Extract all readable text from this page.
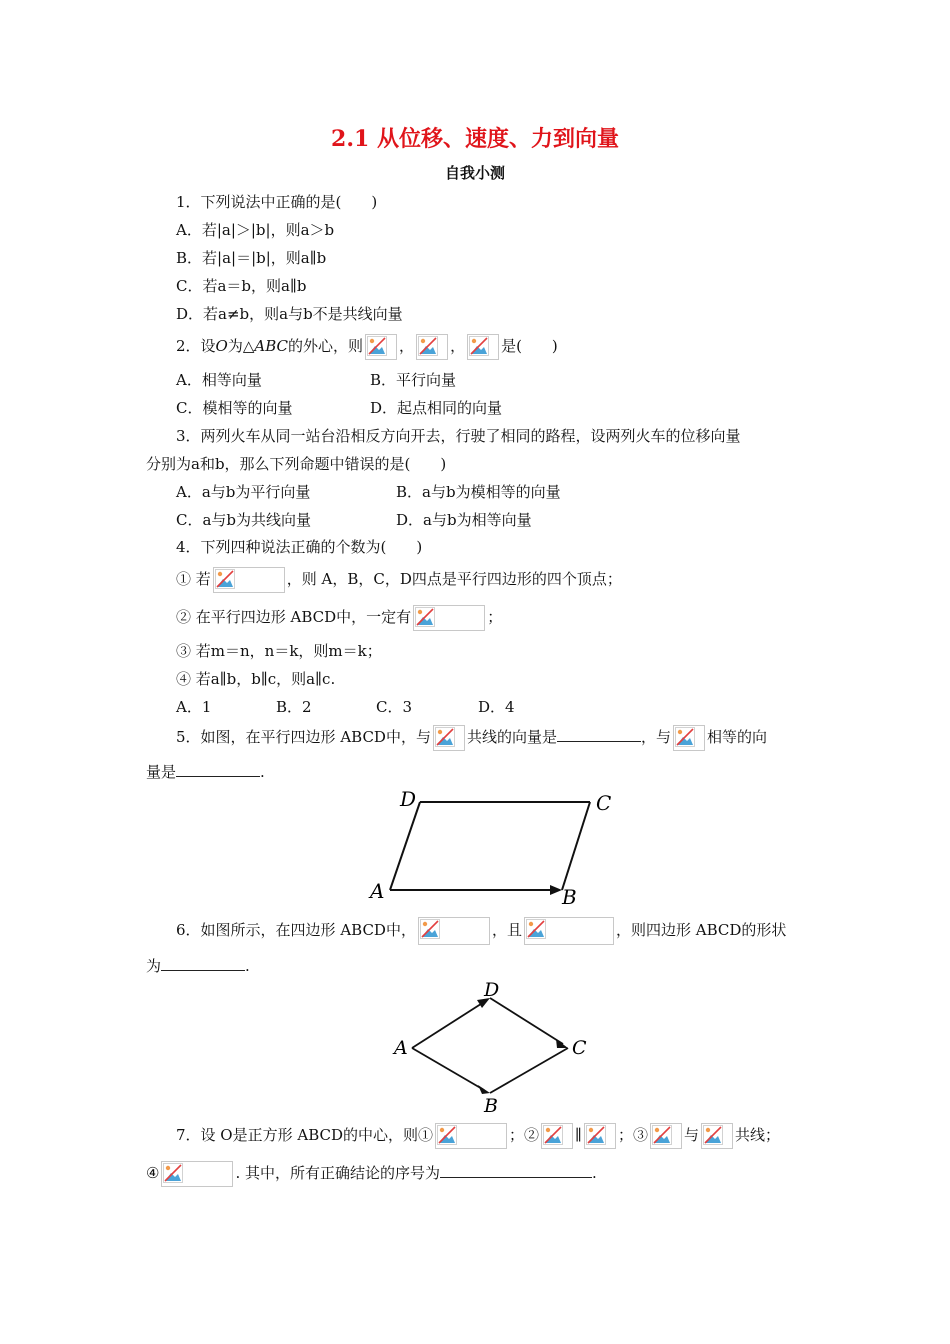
2.1 从位移、速度、力到向量
自我小测
1．下列说法中正确的是(　　)
A．若|a|＞|b|，则a＞b
B．若|a|＝|b|，则a∥b
C．若a＝b，则a∥b
D．若a≠b，则a与b不是共线向量
2．设O为△ABC的外心，则 ， ， 是(　　)
A．相等向量	B．平行向量
C．模相等的向量	D．起点相同的向量
3．两列火车从同一站台沿相反方向开去，行驶了相同的路程，设两列火车的位移向量
分别为a和b，那么下列命题中错误的是(　　)
A．a与b为平行向量	B．a与b为模相等的向量
C．a与b为共线向量	D．a与b为相等向量
4．下列四种说法正确的个数为(　　)
① 若	，则 A，B，C，D四点是平行四边形的四个顶点；
② 在平行四边形 ABCD中，一定有	；
③ 若m＝n，n＝k，则m＝k；
④ 若a∥b，b∥c，则a∥c.
A．1	B．2	C．3	D．4
5．如图，在平行四边形 ABCD中，与 共线的向量是	，与 相等的向
量是	.
A	B
C
D
6．如图所示，在四边形 ABCD中，	，且	，则四边形 ABCD的形状
为	.
A
B
C
D
7．设 O是正方形 ABCD的中心，则①	；② ∥ ；③ 与 共线；
④	. 其中，所有正确结论的序号为	.
